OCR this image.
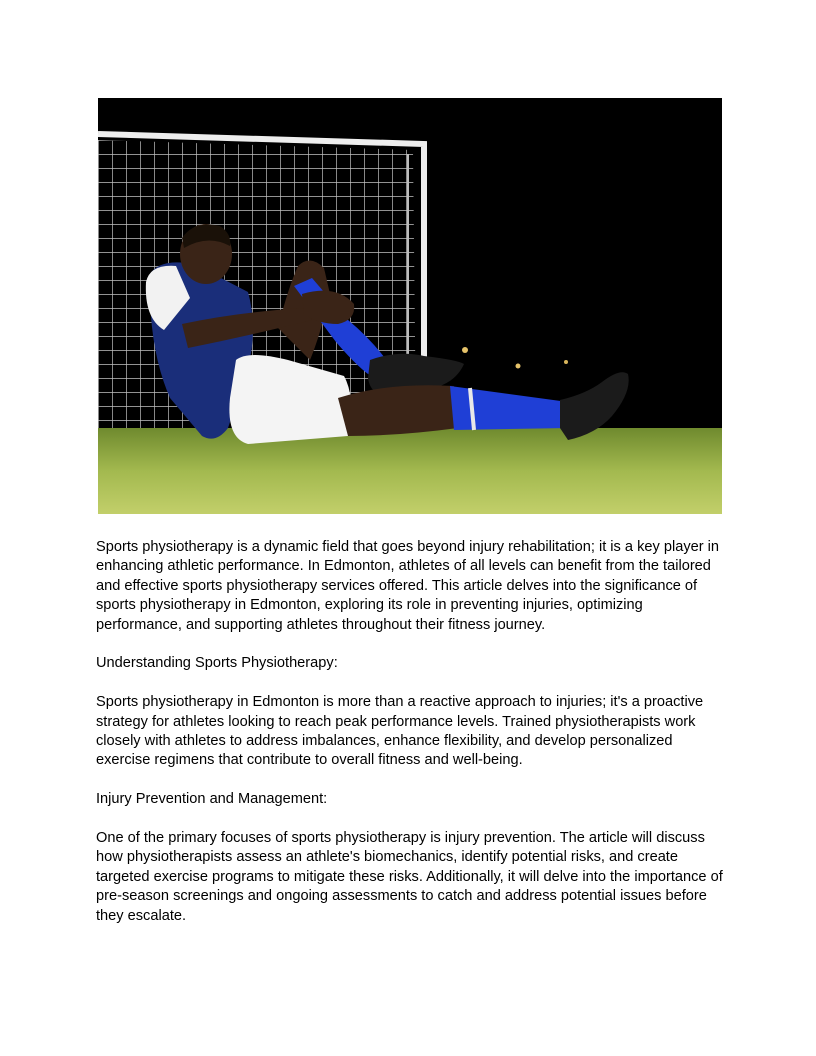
Sports physiotherapy is a dynamic field that goes beyond injury rehabilitation; it is a key player in enhancing athletic performance. In Edmonton, athletes of all levels can benefit from the tailored and effective sports physiotherapy services offered. This article delves into the significance of sports physiotherapy in Edmonton, exploring its role in preventing injuries, optimizing performance, and supporting athletes throughout their fitness journey.

Understanding Sports Physiotherapy:

Sports physiotherapy in Edmonton is more than a reactive approach to injuries; it's a proactive strategy for athletes looking to reach peak performance levels. Trained physiotherapists work closely with athletes to address imbalances, enhance flexibility, and develop personalized exercise regimens that contribute to overall fitness and well-being.

Injury Prevention and Management:

One of the primary focuses of sports physiotherapy is injury prevention. The article will discuss how physiotherapists assess an athlete's biomechanics, identify potential risks, and create targeted exercise programs to mitigate these risks. Additionally, it will delve into the importance of pre-season screenings and ongoing assessments to catch and address potential issues before they escalate.
